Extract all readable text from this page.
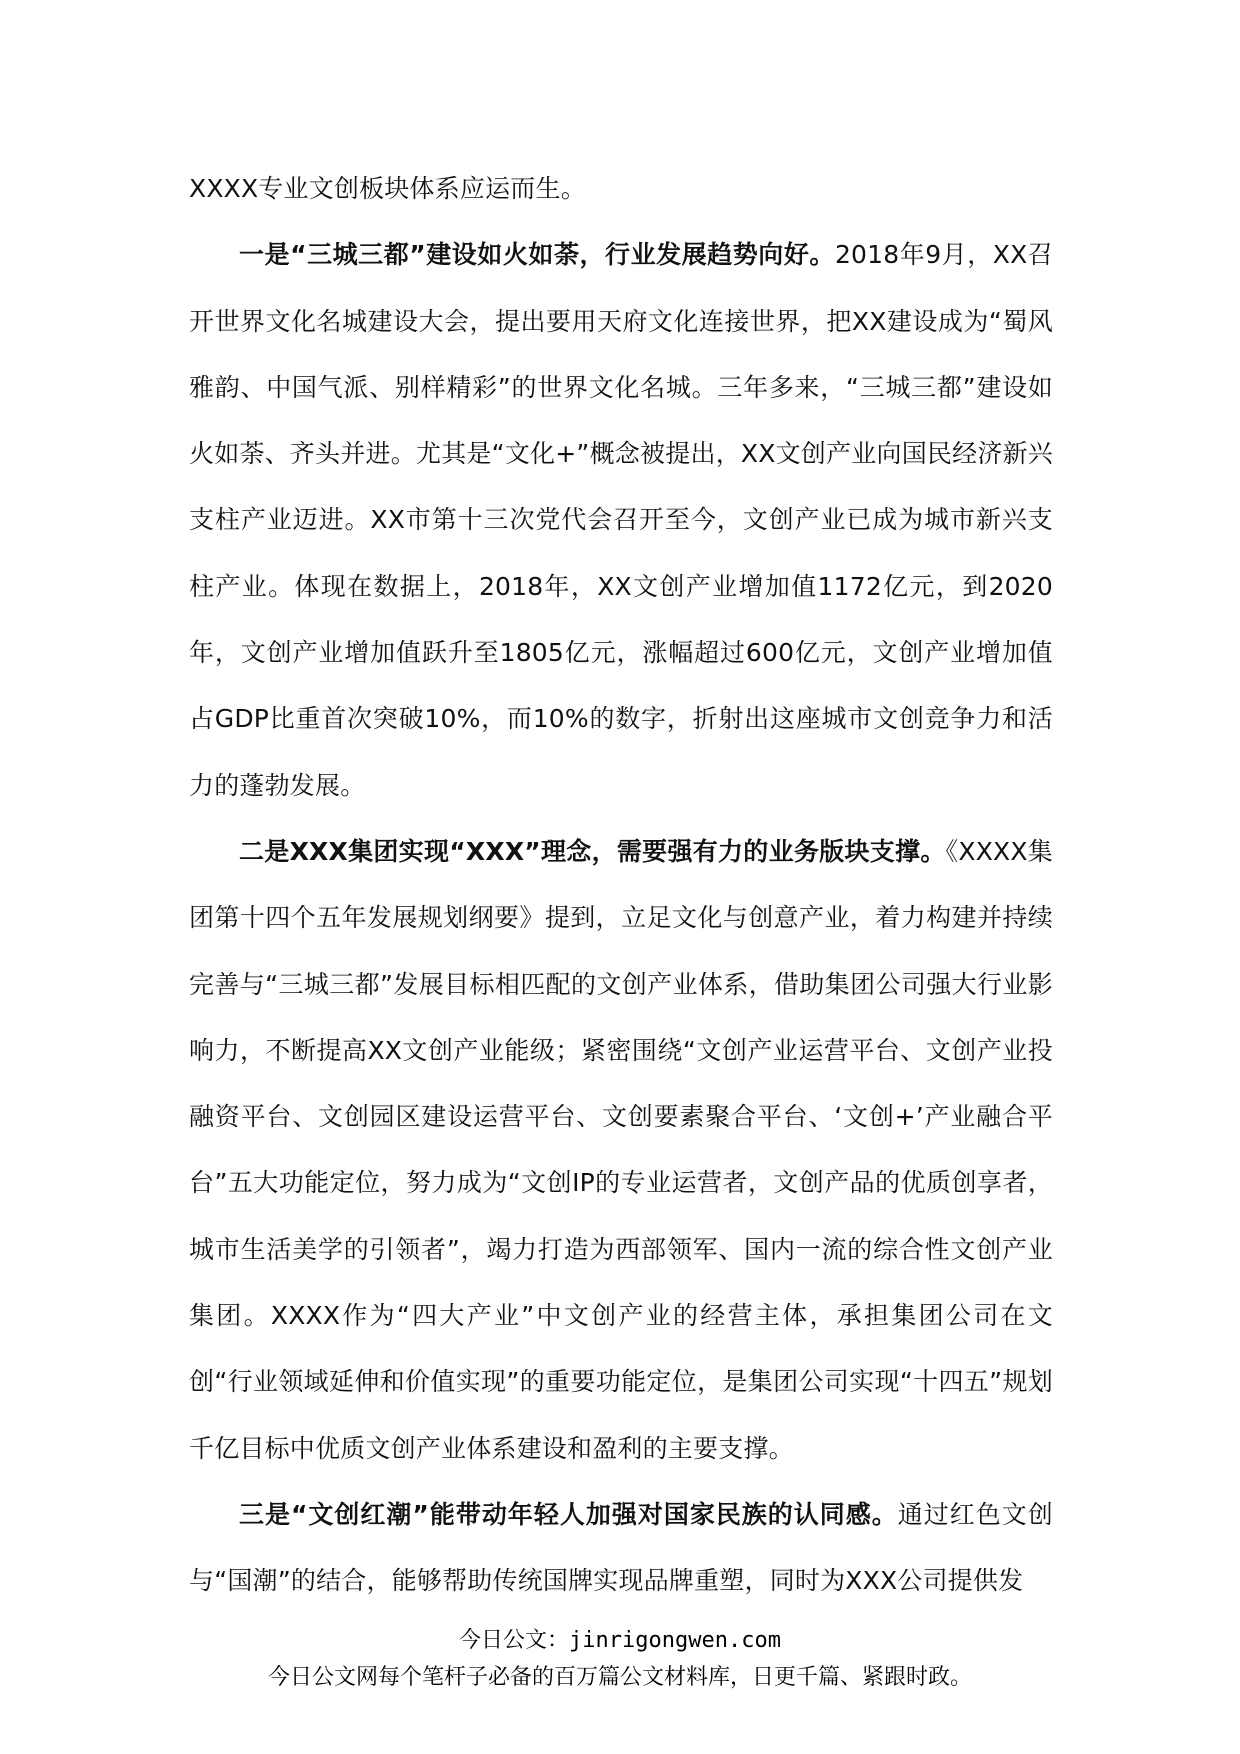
XXXX专业文创板块体系应运而生。

一是“三城三都”建设如火如荼，行业发展趋势向好。2018年9月，XX召开世界文化名城建设大会，提出要用天府文化连接世界，把XX建设成为“蜀风雅韵、中国气派、别样精彩”的世界文化名城。三年多来，“三城三都”建设如火如荼、齐头并进。尤其是“文化+”概念被提出，XX文创产业向国民经济新兴支柱产业迈进。XX市第十三次党代会召开至今，文创产业已成为城市新兴支柱产业。体现在数据上，2018年，XX文创产业增加值1172亿元，到2020年，文创产业增加值跃升至1805亿元，涨幅超过600亿元，文创产业增加值占GDP比重首次突破10%，而10%的数字，折射出这座城市文创竞争力和活力的蓬勃发展。

二是XXX集团实现“XXX”理念，需要强有力的业务版块支撑。《XXXX集团第十四个五年发展规划纲要》提到，立足文化与创意产业，着力构建并持续完善与“三城三都”发展目标相匹配的文创产业体系，借助集团公司强大行业影响力，不断提高XX文创产业能级；紧密围绕“文创产业运营平台、文创产业投融资平台、文创园区建设运营平台、文创要素聚合平台、‘文创+’产业融合平台”五大功能定位，努力成为“文创IP的专业运营者，文创产品的优质创享者，城市生活美学的引领者”，竭力打造为西部领军、国内一流的综合性文创产业集团。XXXX作为“四大产业”中文创产业的经营主体，承担集团公司在文创“行业领域延伸和价值实现”的重要功能定位，是集团公司实现“十四五”规划千亿目标中优质文创产业体系建设和盈利的主要支撑。

三是“文创红潮”能带动年轻人加强对国家民族的认同感。通过红色文创与“国潮”的结合，能够帮助传统国牌实现品牌重塑，同时为XXX公司提供发

今日公文：jinrigongwen.com
今日公文网每个笔杆子必备的百万篇公文材料库，日更千篇、紧跟时政。
